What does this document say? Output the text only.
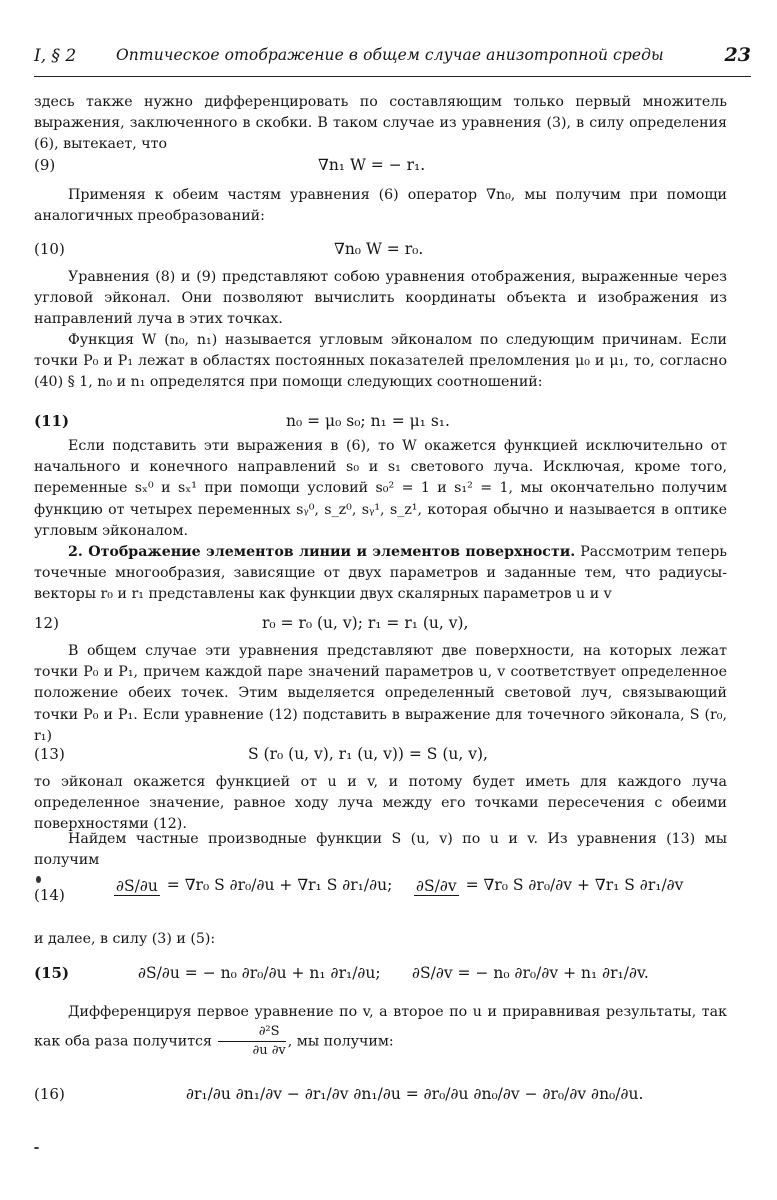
I, § 2	Оптическое отображение в общем случае анизотропной среды	23

здесь также нужно дифференцировать по составляющим только первый множитель выражения, заключенного в скобки. В таком случае из уравнения (3), в силу определения (6), вытекает, что

(9)	∇n₁ W = − r₁.

Применяя к обеим частям уравнения (6) оператор ∇n₀, мы получим при помощи аналогичных преобразований:

(10)	∇n₀ W = r₀.

Уравнения (8) и (9) представляют собою уравнения отображения, выраженные через угловой эйконал. Они позволяют вычислить координаты объекта и изображения из направлений луча в этих точках.

Функция W (n₀, n₁) называется угловым эйконалом по следующим причинам. Если точки P₀ и P₁ лежат в областях постоянных показателей преломления μ₀ и μ₁, то, согласно (40) § 1, n₀ и n₁ определятся при помощи следующих соотношений:

(11)	n₀ = μ₀ s₀; n₁ = μ₁ s₁.

Если подставить эти выражения в (6), то W окажется функцией исключительно от начального и конечного направлений s₀ и s₁ светового луча. Исключая, кроме того, переменные sₓ⁰ и sₓ¹ при помощи условий s₀² = 1 и s₁² = 1, мы окончательно получим функцию от четырех переменных sᵧ⁰, s_z⁰, sᵧ¹, s_z¹, которая обычно и называется в оптике угловым эйконалом.

2. Отображение элементов линии и элементов поверхности. Рассмотрим теперь точечные многообразия, зависящие от двух параметров и заданные тем, что радиусы-векторы r₀ и r₁ представлены как функции двух скалярных параметров u и v

12)	r₀ = r₀ (u, v); r₁ = r₁ (u, v),

В общем случае эти уравнения представляют две поверхности, на которых лежат точки P₀ и P₁, причем каждой паре значений параметров u, v соответствует определенное положение обеих точек. Этим выделяется определенный световой луч, связывающий точки P₀ и P₁. Если уравнение (12) подставить в выражение для точечного эйконала, S (r₀, r₁)

(13)	S (r₀ (u, v), r₁ (u, v)) = S (u, v),

то эйконал окажется функцией от u и v, и потому будет иметь для каждого луча определенное значение, равное ходу луча между его точками пересечения с обеими поверхностями (12).

Найдем частные производные функции S (u, v) по u и v. Из уравнения (13) мы получим

(14)
∂S/∂u = ∇r₀ S ∂r₀/∂u + ∇r₁ S ∂r₁/∂u; ∂S/∂v = ∇r₀ S ∂r₀/∂v + ∇r₁ S ∂r₁/∂v

и далее, в силу (3) и (5):

(15)	∂S/∂u = − n₀ ∂r₀/∂u + n₁ ∂r₁/∂u; ∂S/∂v = − n₀ ∂r₀/∂v + n₁ ∂r₁/∂v.

Дифференцируя первое уравнение по v, а второе по u и приравнивая результаты, так как оба раза получится $\frac{\text{∂²S}}{\partial u \partial v}$ , мы получим:

(16)	∂r₁/∂u ∂n₁/∂v − ∂r₁/∂v ∂n₁/∂u = ∂r₀/∂u ∂n₀/∂v − ∂r₀/∂v ∂n₀/∂u.
